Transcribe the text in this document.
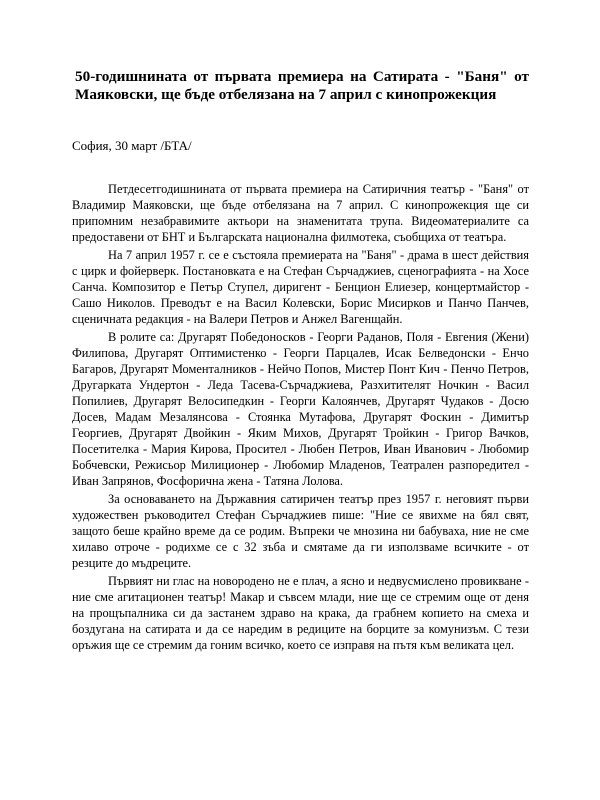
50-годишнината от първата премиера на Сатирата - "Баня" от Маяковски, ще бъде отбелязана на 7 април с кинопрожекция

София, 30 март /БТА/

Петдесетгодишнината от първата премиера на Сатиричния театър - "Баня" от Владимир Маяковски, ще бъде отбелязана на 7 април. С кинопрожекция ще си припомним незабравимите актьори на знаменитата трупа. Видеоматериалите са предоставени от БНТ и Българската национална филмотека, съобщиха от театъра.

На 7 април 1957 г. се е състояла премиерата на "Баня" - драма в шест действия с цирк и фойерверк. Постановката е на Стефан Сърчаджиев, сценографията - на Хосе Санча. Композитор е Петър Ступел, диригент - Бенцион Елиезер, концертмайстор - Сашо Николов. Преводът е на Васил Колевски, Борис Мисирков и Панчо Панчев, сценичната редакция - на Валери Петров и Анжел Вагенщайн.

В ролите са: Другарят Победоносков - Георги Раданов, Поля - Евгения (Жени) Филипова, Другарят Оптимистенко - Георги Парцалев, Исак Белведонски - Енчо Багаров, Другарят Моменталников - Нейчо Попов, Мистер Понт Кич - Пенчо Петров, Другарката Ундертон - Леда Тасева-Сърчаджиева, Разхитителят Ночкин - Васил Попилиев, Другарят Велосипедкин - Георги Калоянчев, Другарят Чудаков - Досю Досев, Мадам Мезалянсова - Стоянка Мутафова, Другарят Фоскин - Димитър Георгиев, Другарят Двойкин - Яким Михов, Другарят Тройкин - Григор Вачков, Посетителка - Мария Кирова, Просител - Любен Петров, Иван Иванович - Любомир Бобчевски, Режисьор Милиционер - Любомир Младенов, Театрален разпоредител - Иван Запрянов, Фосфорична жена - Татяна Лолова.

За основаването на Държавния сатиричен театър през 1957 г. неговият първи художествен ръководител Стефан Сърчаджиев пише: "Ние се явихме на бял свят, защото беше крайно време да се родим. Въпреки че мнозина ни бабуваха, ние не сме хилаво отроче - родихме се с 32 зъба и смятаме да ги използваме всичките - от резците до мъдреците.

Първият ни глас на новородено не е плач, а ясно и недвусмислено провикване - ние сме агитационен театър! Макар и съвсем млади, ние ще се стремим още от деня на прощъпалника си да застанем здраво на крака, да грабнем копието на смеха и боздугана на сатирата и да се наредим в редиците на борците за комунизъм. С тези оръжия ще се стремим да гоним всичко, което се изправя на пътя към великата цел.
